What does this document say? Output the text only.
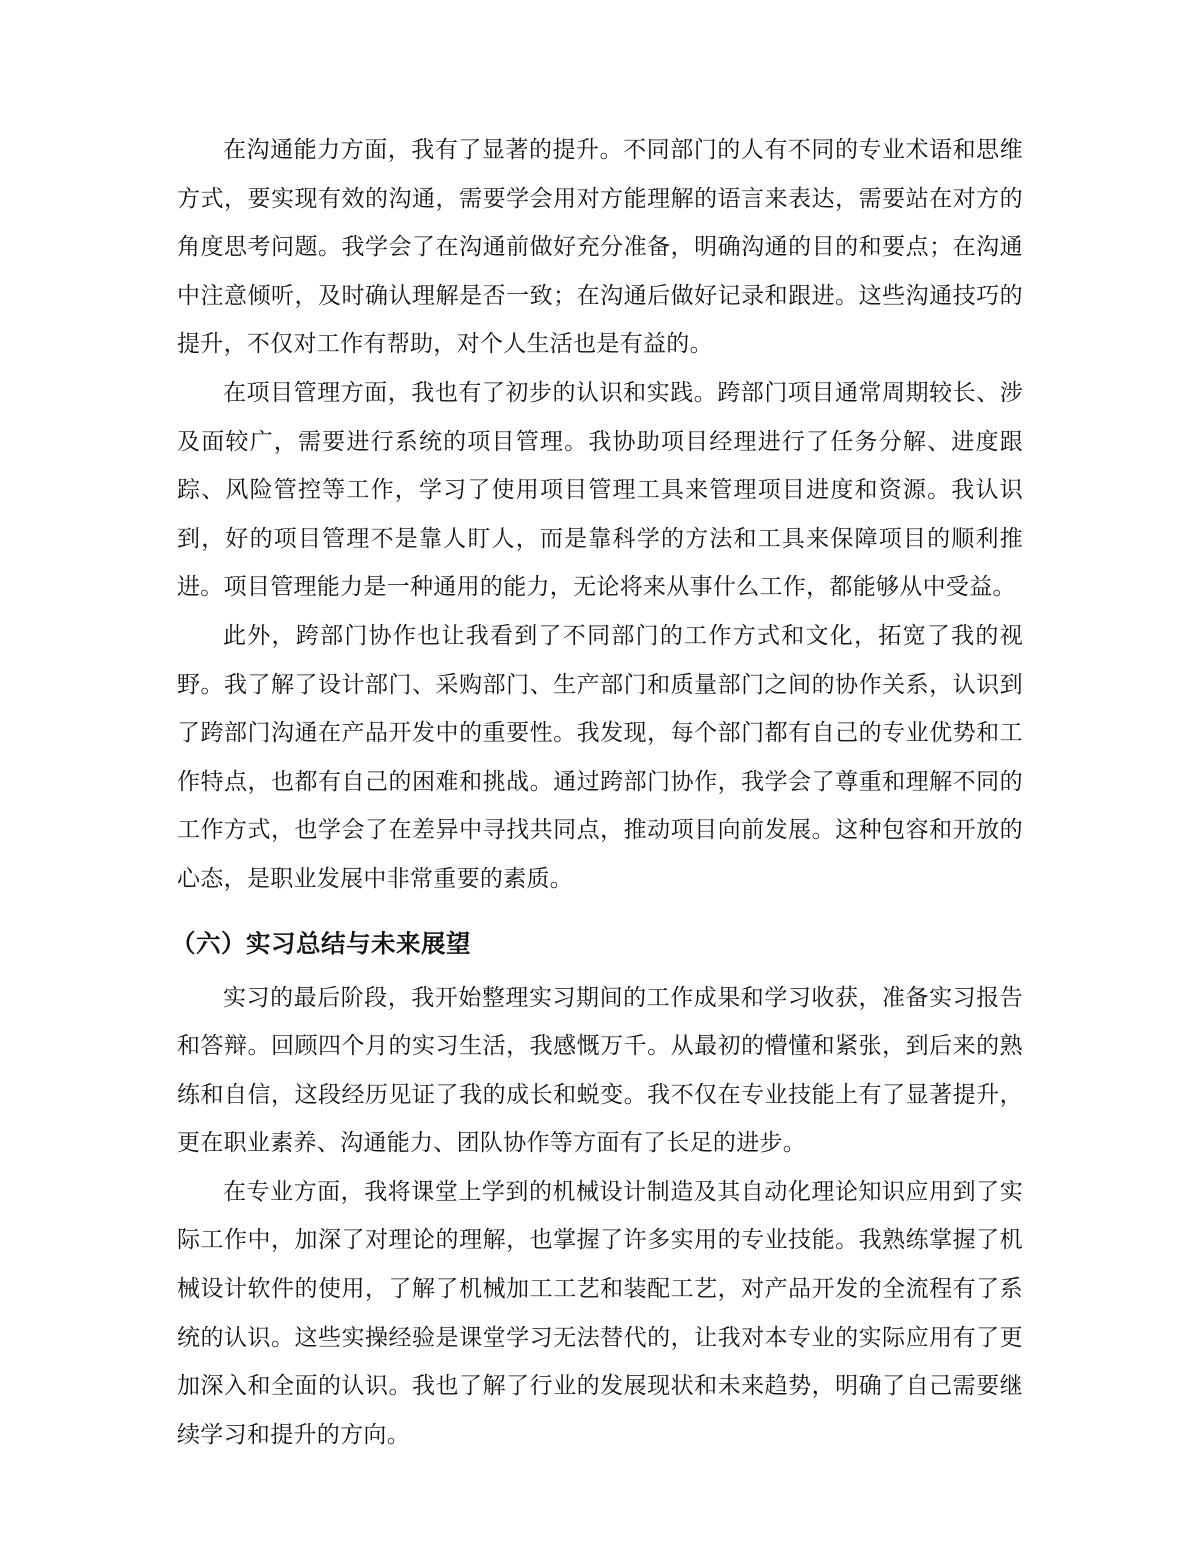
在沟通能力方面，我有了显著的提升。不同部门的人有不同的专业术语和思维方式，要实现有效的沟通，需要学会用对方能理解的语言来表达，需要站在对方的角度思考问题。我学会了在沟通前做好充分准备，明确沟通的目的和要点；在沟通中注意倾听，及时确认理解是否一致；在沟通后做好记录和跟进。这些沟通技巧的提升，不仅对工作有帮助，对个人生活也是有益的。

在项目管理方面，我也有了初步的认识和实践。跨部门项目通常周期较长、涉及面较广，需要进行系统的项目管理。我协助项目经理进行了任务分解、进度跟踪、风险管控等工作，学习了使用项目管理工具来管理项目进度和资源。我认识到，好的项目管理不是靠人盯人，而是靠科学的方法和工具来保障项目的顺利推进。项目管理能力是一种通用的能力，无论将来从事什么工作，都能够从中受益。

此外，跨部门协作也让我看到了不同部门的工作方式和文化，拓宽了我的视野。我了解了设计部门、采购部门、生产部门和质量部门之间的协作关系，认识到了跨部门沟通在产品开发中的重要性。我发现，每个部门都有自己的专业优势和工作特点，也都有自己的困难和挑战。通过跨部门协作，我学会了尊重和理解不同的工作方式，也学会了在差异中寻找共同点，推动项目向前发展。这种包容和开放的心态，是职业发展中非常重要的素质。

（六）实习总结与未来展望

实习的最后阶段，我开始整理实习期间的工作成果和学习收获，准备实习报告和答辩。回顾四个月的实习生活，我感慨万千。从最初的懵懂和紧张，到后来的熟练和自信，这段经历见证了我的成长和蜕变。我不仅在专业技能上有了显著提升，更在职业素养、沟通能力、团队协作等方面有了长足的进步。

在专业方面，我将课堂上学到的机械设计制造及其自动化理论知识应用到了实际工作中，加深了对理论的理解，也掌握了许多实用的专业技能。我熟练掌握了机械设计软件的使用，了解了机械加工工艺和装配工艺，对产品开发的全流程有了系统的认识。这些实操经验是课堂学习无法替代的，让我对本专业的实际应用有了更加深入和全面的认识。我也了解了行业的发展现状和未来趋势，明确了自己需要继续学习和提升的方向。
